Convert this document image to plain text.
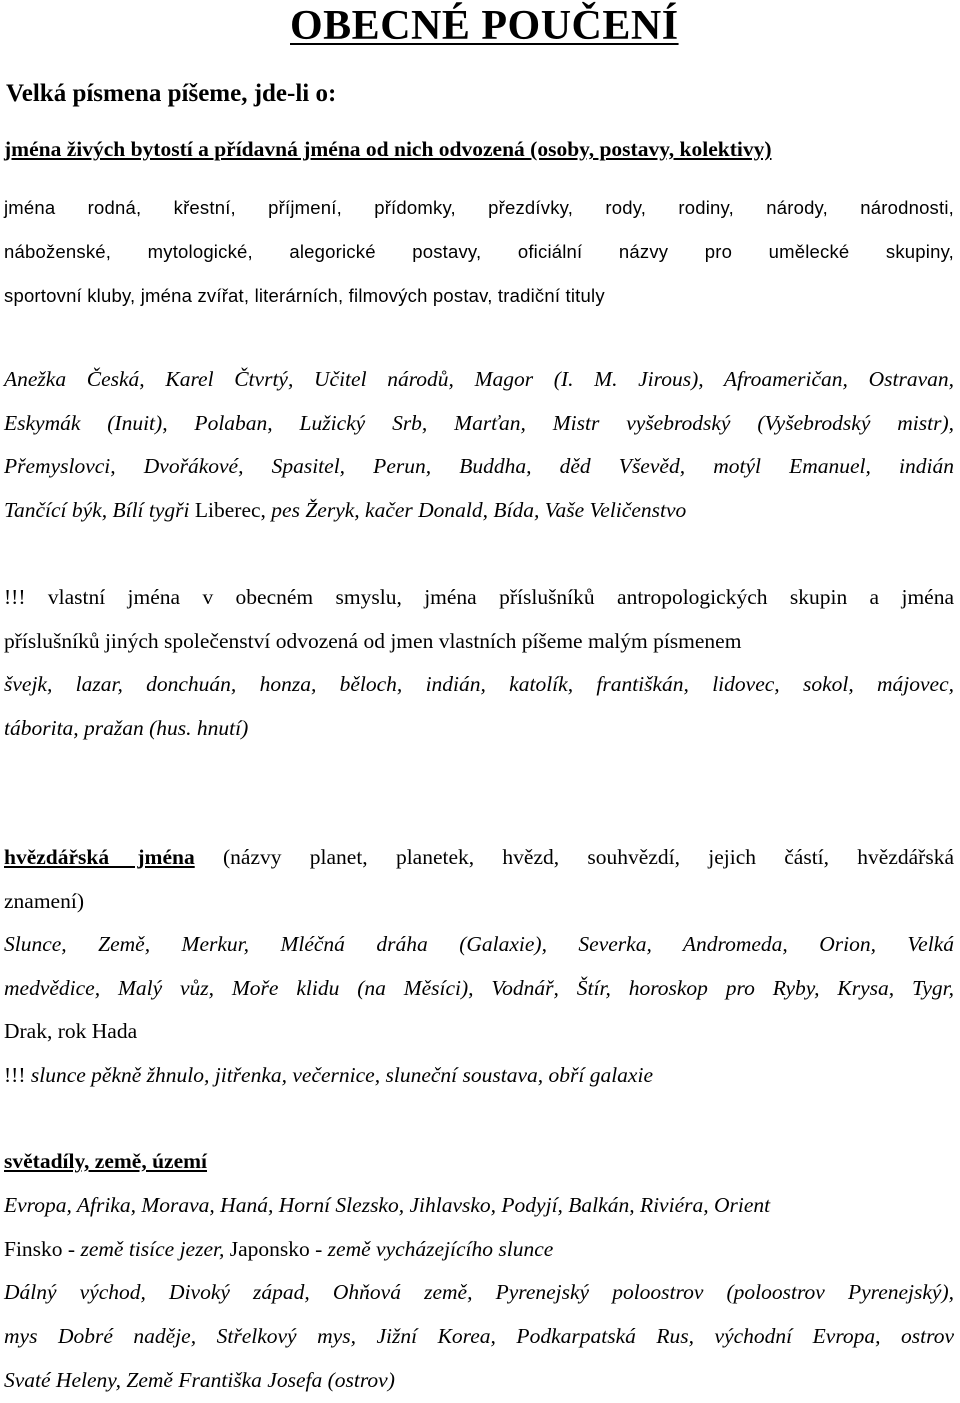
OBECNÉ POUČENÍ
Velká písmena píšeme, jde-li o:
jména živých bytostí a přídavná jména od nich odvozená (osoby, postavy, kolektivy)
jména rodná, křestní, příjmení, přídomky, přezdívky, rody, rodiny, národy, národnosti,
náboženské, mytologické, alegorické postavy, oficiální názvy pro umělecké skupiny,
sportovní kluby, jména zvířat, literárních, filmových postav, tradiční tituly
Anežka Česká, Karel Čtvrtý, Učitel národů, Magor (I. M. Jirous), Afroameričan, Ostravan,
Eskymák (Inuit), Polaban, Lužický Srb, Marťan, Mistr vyšebrodský (Vyšebrodský mistr),
Přemyslovci, Dvořákové, Spasitel, Perun, Buddha, děd Vševěd, motýl Emanuel, indián
Tančící býk, Bílí tygři Liberec, pes Žeryk, kačer Donald, Bída, Vaše Veličenstvo
!!! vlastní jména v obecném smyslu, jména příslušníků antropologických skupin a jména
příslušníků jiných společenství odvozená od jmen vlastních píšeme malým písmenem
švejk, lazar, donchuán, honza, běloch, indián, katolík, františkán, lidovec, sokol, májovec,
táborita, pražan (hus. hnutí)
hvězdářská jména (názvy planet, planetek, hvězd, souhvězdí, jejich částí, hvězdářská
znamení)
Slunce, Země, Merkur, Mléčná dráha (Galaxie), Severka, Andromeda, Orion, Velká
medvědice, Malý vůz, Moře klidu (na Měsíci), Vodnář, Štír, horoskop pro Ryby, Krysa, Tygr,
Drak, rok Hada
!!! slunce pěkně žhnulo, jitřenka, večernice, sluneční soustava, obří galaxie
světadíly, země, území
Evropa, Afrika, Morava, Haná, Horní Slezsko, Jihlavsko, Podyjí, Balkán, Riviéra, Orient
Finsko - země tisíce jezer, Japonsko - země vycházejícího slunce
Dálný východ, Divoký západ, Ohňová země, Pyrenejský poloostrov (poloostrov Pyrenejský),
mys Dobré naděje, Střelkový mys, Jižní Korea, Podkarpatská Rus, východní Evropa, ostrov
Svaté Heleny, Země Františka Josefa (ostrov)
